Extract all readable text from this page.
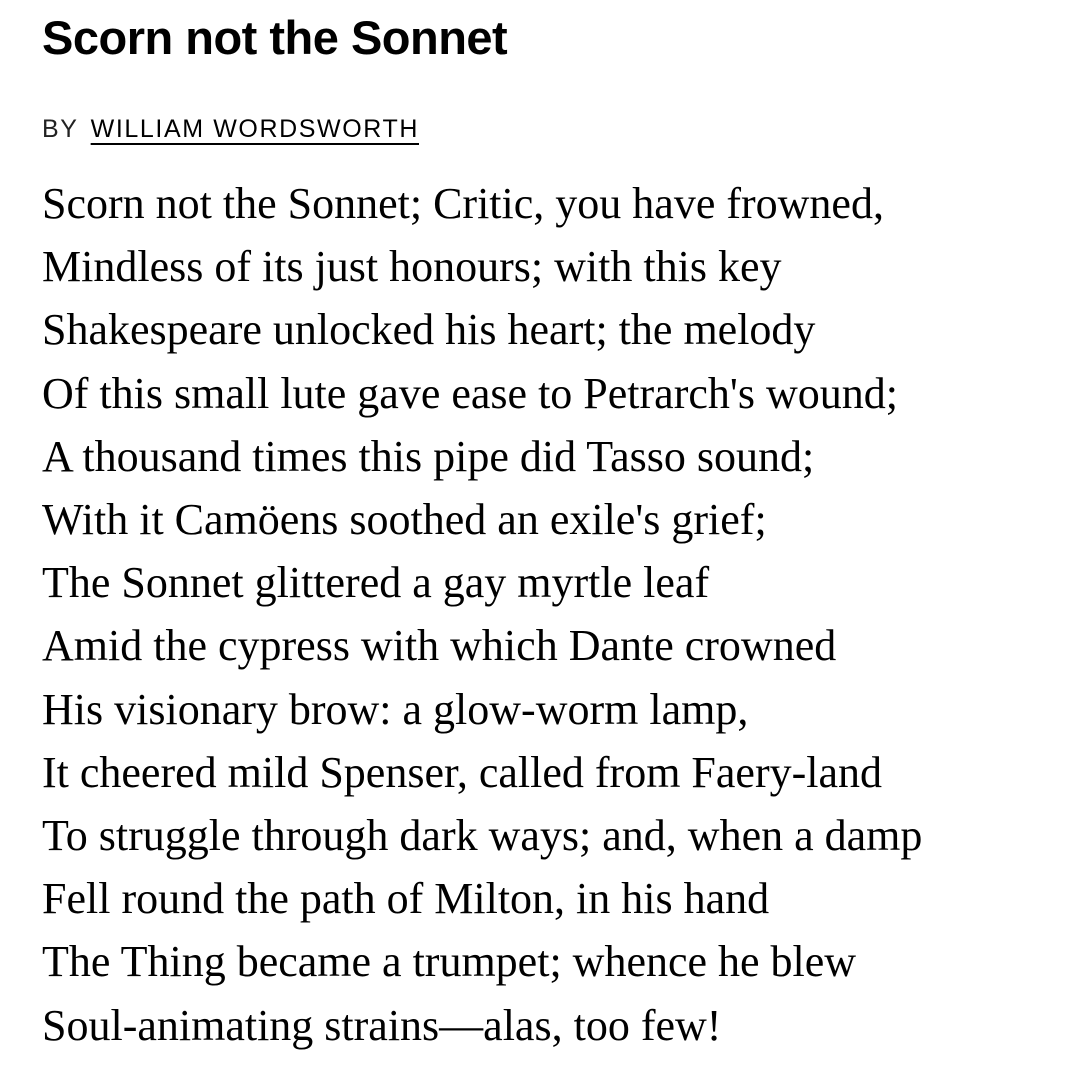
Scorn not the Sonnet
BY WILLIAM WORDSWORTH
Scorn not the Sonnet; Critic, you have frowned,
Mindless of its just honours; with this key
Shakespeare unlocked his heart; the melody
Of this small lute gave ease to Petrarch's wound;
A thousand times this pipe did Tasso sound;
With it Camöens soothed an exile's grief;
The Sonnet glittered a gay myrtle leaf
Amid the cypress with which Dante crowned
His visionary brow: a glow-worm lamp,
It cheered mild Spenser, called from Faery-land
To struggle through dark ways; and, when a damp
Fell round the path of Milton, in his hand
The Thing became a trumpet; whence he blew
Soul-animating strains—alas, too few!
